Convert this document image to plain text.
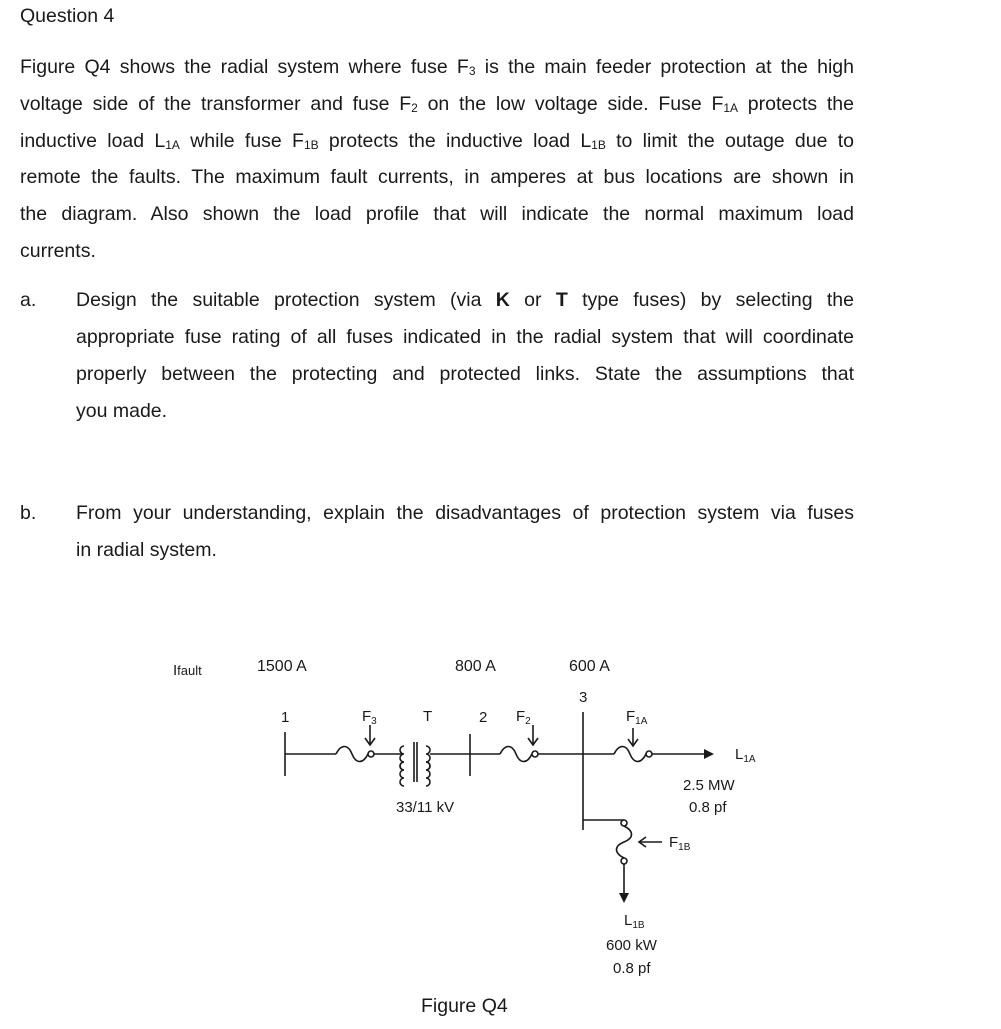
Question 4
Figure Q4 shows the radial system where fuse $F_3$ is the main feeder protection at the high
voltage side of the transformer and fuse $F_2$ on the low voltage side. Fuse $F_{1A}$ protects the
inductive load $L_{1A}$ while fuse $F_{1B}$ protects the inductive load $L_{1B}$ to limit the outage due to
remote the faults. The maximum fault currents, in amperes at bus locations are shown in
the diagram. Also shown the load profile that will indicate the normal maximum load
currents.
a. Design the suitable protection system (via K or T type fuses) by selecting the
appropriate fuse rating of all fuses indicated in the radial system that will coordinate
properly between the protecting and protected links. State the assumptions that
you made.
b. From your understanding, explain the disadvantages of protection system via fuses
in radial system.
Ifault	1500 A	800 A	600 A
1	2
3
$F_3$	T	$F_2$	$F_{1A}$
33/11 kV
$L_{1A}$
2.5 MW
0.8 pf
$F_{1B}$
$L_{1B}$
600 kW
0.8 pf
Figure Q4
